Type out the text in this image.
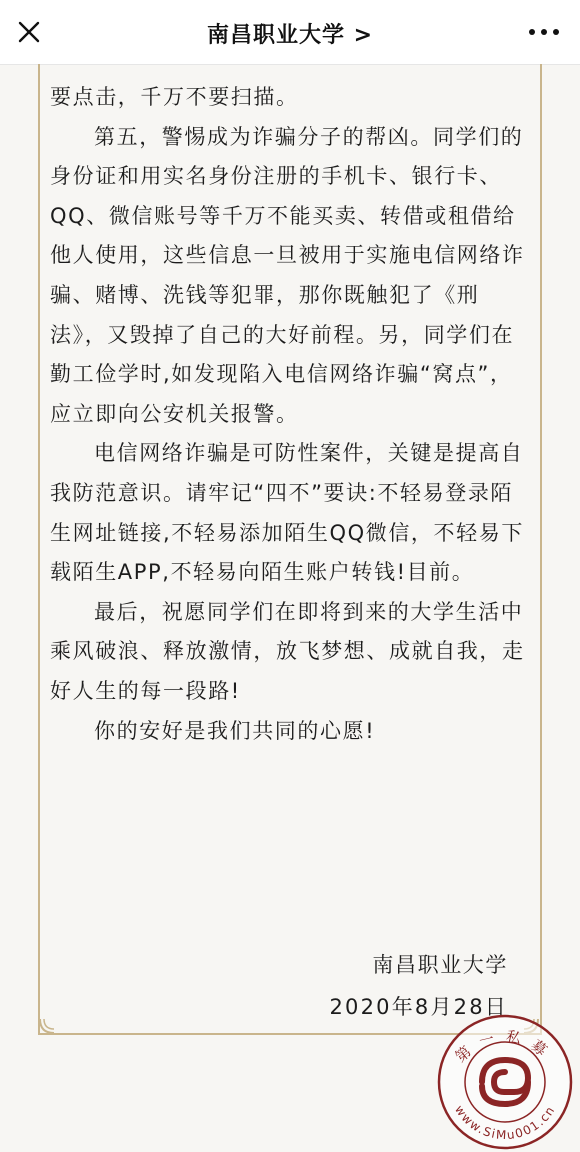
南昌职业大学 >

要点击，千万不要扫描。

第五，警惕成为诈骗分子的帮凶。同学们的身份证和用实名身份注册的手机卡、银行卡、QQ、微信账号等千万不能买卖、转借或租借给他人使用，这些信息一旦被用于实施电信网络诈骗、赌博、洗钱等犯罪，那你既触犯了《刑法》，又毁掉了自己的大好前程。另，同学们在勤工俭学时,如发现陷入电信网络诈骗“窝点”， 应立即向公安机关报警。

电信网络诈骗是可防性案件，关键是提高自我防范意识。请牢记“四不”要诀:不轻易登录陌生网址链接,不轻易添加陌生QQ微信，不轻易下载陌生APP,不轻易向陌生账户转钱!目前。

最后，祝愿同学们在即将到来的大学生活中乘风破浪、释放激情，放飞梦想、成就自我，走好人生的每一段路!

你的安好是我们共同的心愿!

南昌职业大学
2020年8月28日
第一私募
www.SiMu001.cn
